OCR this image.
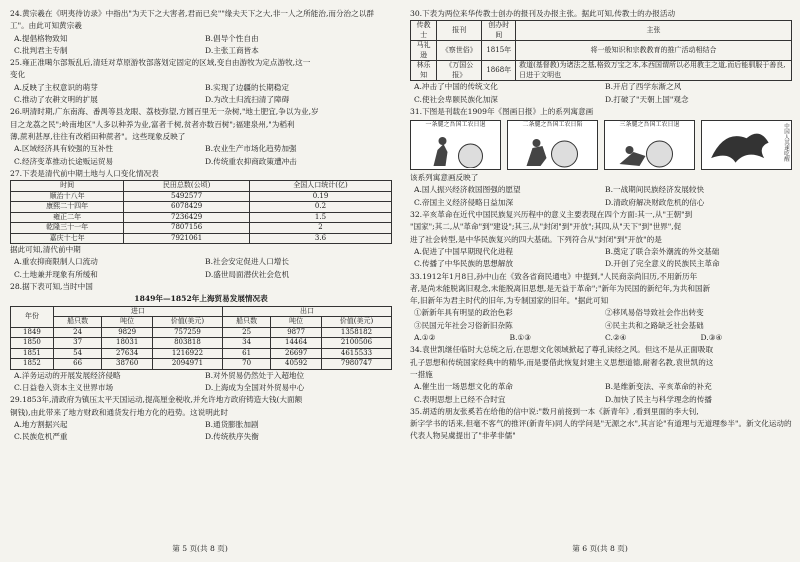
24.黄宗羲在《明夷待访录》中指出"为天下之大害者,君而已矣""缘夫天下之大,非一人之所能治,而分治之以群工"。由此可知黄宗羲

A.提倡格物致知	B.倡导个性自由
C.批判君主专制	D.主张工商皆本

25.雍正准噶尔部叛乱后,清廷对草原游牧部落划定固定的区域,变自由游牧为定点游牧,这一

变化

A.反映了主权意识的萌芽	B.实现了边疆的长期稳定
C.推动了农耕文明的扩展	D.为改土归流扫清了障碍

26.明清时期,广东南海、番禺等县龙眼、荔枝弥望,方圆百里无一杂树,"地土肥宜,争以为业,岁

目之龙荔之民";岭南地区"人多以种养为业,富者千树,贫者亦数百树";福建泉州,"为稻利

薄,蔗利甚厚,往往有改稻田种蔗者"。这些现象反映了

A.区域经济具有较强的互补性	B.农业生产市场化趋势加强
C.经济变革推动长途贩运贸易	D.传统重农抑商政策遭冲击

27.下表是清代前中期土地与人口变化情况表

时间	民田总数(公顷)	全国人口统计(亿)
顺治十八年	5492577	0.19
康熙二十四年	6078429	0.2
雍正二年	7236429	1.5
乾隆三十一年	7807156	2
嘉庆十七年	7921061	3.6

据此可知,清代前中期

A.重农抑商限制人口流动	B.社会安定促进人口增长
C.土地兼并现象有所缓和	D.盛世局面潜伏社会危机

28.据下表可知,当时中国

1849年—1852年上海贸易发展情况表
年份	进口			出口		
	船只数	吨位	价值(美元)	船只数	吨位	价值(美元)
1849	24	9829	757259	25	9877	1358182
1850	37	18031	803818	34	14464	2100506
1851	54	27634	1216922	61	26697	4615533
1852	66	38760	2094971	70	40592	7980747
A.洋务运动的开展发展经济侵略	B.对外贸易仍然处于入超地位
C.日益卷入资本主义世界市场	D.上海成为全国对外贸易中心

29.1853年,清政府为镇压太平天国运动,提高厘金税收,并允许地方政府铸造大钱(大面额

铜钱),由此带来了地方财政和通货发行地方化的趋势。这说明此时

A.地方割据兴起	B.通货膨胀加剧
C.民族危机严重	D.传统秩序失衡
第 5 页(共 8 页)

30.下表为两位来华传教士创办的报刊及办报主张。据此可知,传教士的办报活动

传教士	报刊	创办时间	主张
马礼逊	《察世俗》	1815年	将一般知识和宗教教育的推广活动相结合
林乐知	《万国公报》	1868年	救道(基督教)为诸法之基,格致万宝之本,本西国谓所以必用教主之道,而后能驯服于善良,日进于文明也
A.冲击了中国的传统文化	B.开启了西学东渐之风
C.使社会卑颐民族化加深	D.打破了"天朝上国"观念

31.下图是刊载在1909年《图画日报》上的系列寓意画

一条腿之吾国工农日退	二条腿之吾国工农日陷	三条腿之吾国工农日退	中国人其速吃醒

该系列寓意画反映了

A.国人振兴经济救国图强的愿望	B.一战期间民族经济发展较快
C.帝国主义经济侵略日益加深	D.清政府解决财政危机的信心

32.辛亥革命在近代中国民族复兴历程中的意义主要表现在四个方面:其一,从"王朝"到

"国家";其二,从"革命"到"建设";其三,从"封闭"到"开放";其四,从"天下"到"世界",促

进了社会转型,是中华民族复兴的四大基础。下列符合从"封闭"到"开放"的是

A.促进了中国早期现代化进程	B.奠定了联合亲外潮流的外交基础
C.传播了中华民族的思想解放	D.开创了完全意义的民族民主革命

33.1912年1月8日,孙中山在《致各省商民通电》中提到,"人民商亲尚旧历,不用新历年

者,是尚未能脱离旧观念,未能脱离旧思想,是无益于革命";"新年为民国的新纪年,为共和国新

年,旧新年为君主时代的旧年,为专制国家的旧年。"据此可知

①新新年具有明显的政治色彩	②移风易俗导致社会作出转变
③民国元年社会习俗新旧杂陈	④民主共和之路缺乏社会基础
A.①②	B.①③	C.②④	D.③④

34.袁世凯继任临时大总统之后,在思想文化领域掀起了尊孔读经之风。但这不是从正面吸取

孔子思想和传统国家经典中的精华,而是要借此恢复封建主义思想道德,耐奢名教,袁世凯的这

一措施

A.催生出一场思想文化的革命	B.是维新变法、辛亥革命的补充
C.表明思想上已经不合时宜	D.加快了民主与科学理念的传播

35.胡适的朋友张奚若在给他的信中说:"数月前接到一本《新青年》,看到里面的李大钊,

新字学书的话来,但毫不客气的推评(新青年)同人的学问是"无源之水",其言论"有道理与无道理参半"。新文化运动的代表人物吴虞提出了"非孝非儒"

第 6 页(共 8 页)
